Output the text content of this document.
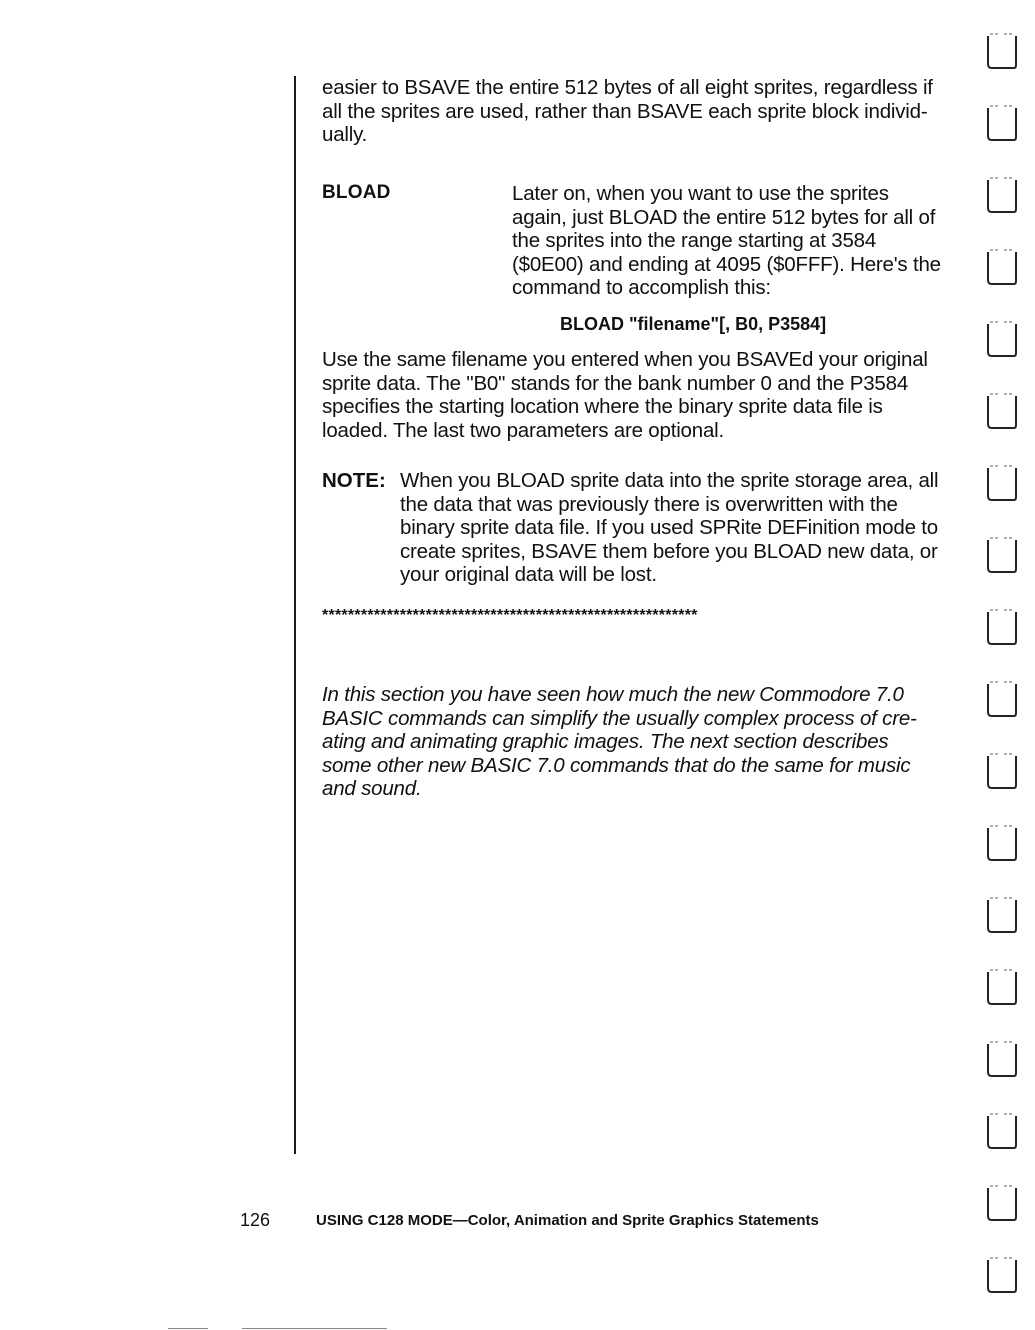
easier to BSAVE the entire 512 bytes of all eight sprites, regardless if
all the sprites are used, rather than BSAVE each sprite block individ-
ually.
BLOAD	Later on, when you want to use the sprites
again, just BLOAD the entire 512 bytes for all of
the sprites into the range starting at 3584
($0E00) and ending at 4095 ($0FFF). Here's the
command to accomplish this:
BLOAD "filename"[, B0, P3584]
Use the same filename you entered when you BSAVEd your original
sprite data. The "B0" stands for the bank number 0 and the P3584
specifies the starting location where the binary sprite data file is
loaded. The last two parameters are optional.
NOTE: When you BLOAD sprite data into the sprite storage area, all
the data that was previously there is overwritten with the
binary sprite data file. If you used SPRite DEFinition mode to
create sprites, BSAVE them before you BLOAD new data, or
your original data will be lost.
**********************************************************
In this section you have seen how much the new Commodore 7.0
BASIC commands can simplify the usually complex process of cre-
ating and animating graphic images. The next section describes
some other new BASIC 7.0 commands that do the same for music
and sound.
126	USING C128 MODE—Color, Animation and Sprite Graphics Statements
